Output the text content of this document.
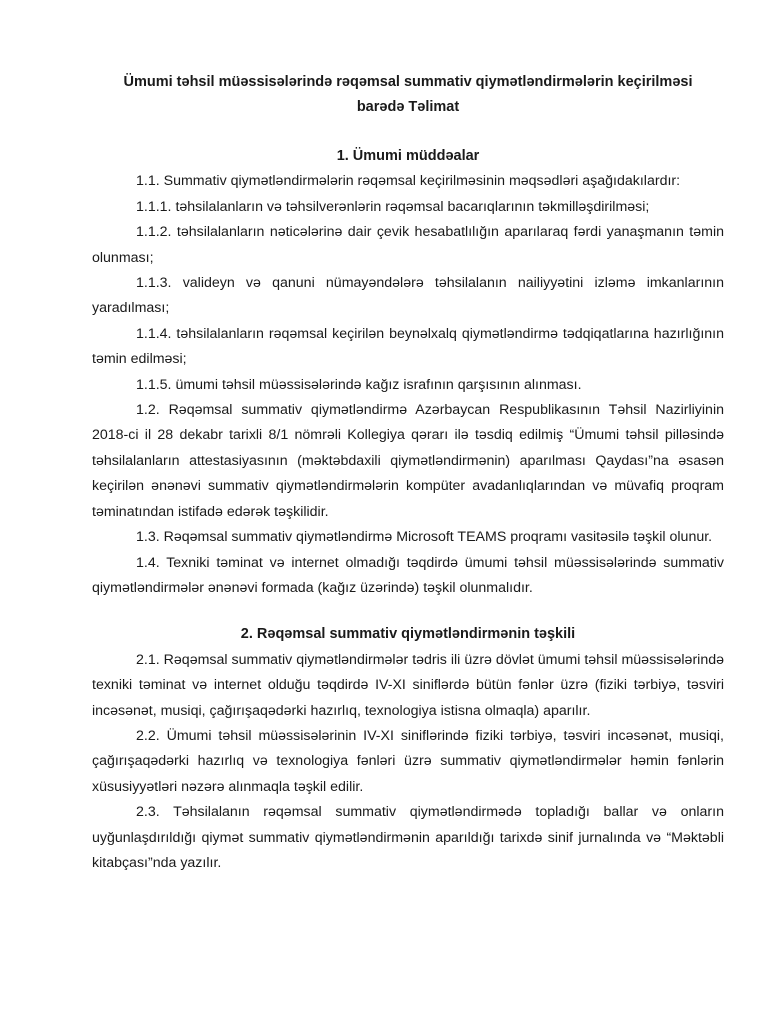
Ümumi təhsil müəssisələrində rəqəmsal summativ qiymətləndirmələrin keçirilməsi
barədə Təlimat

1. Ümumi müddəalar

1.1. Summativ qiymətləndirmələrin rəqəmsal keçirilməsinin məqsədləri aşağıdakılardır:

1.1.1. təhsilalanların və təhsilverənlərin rəqəmsal bacarıqlarının təkmilləşdirilməsi;

1.1.2. təhsilalanların nəticələrinə dair çevik hesabatlılığın aparılaraq fərdi yanaşmanın təmin olunması;

1.1.3. valideyn və qanuni nümayəndələrə təhsilalanın nailiyyətini izləmə imkanlarının yaradılması;

1.1.4. təhsilalanların rəqəmsal keçirilən beynəlxalq qiymətləndirmə tədqiqatlarına hazırlığının təmin edilməsi;

1.1.5. ümumi təhsil müəssisələrində kağız israfının qarşısının alınması.

1.2. Rəqəmsal summativ qiymətləndirmə Azərbaycan Respublikasının Təhsil Nazirliyinin 2018-ci il 28 dekabr tarixli 8/1 nömrəli Kollegiya qərarı ilə təsdiq edilmiş “Ümumi təhsil pilləsində təhsilalanların attestasiyasının (məktəbdaxili qiymətləndirmənin) aparılması Qaydası”na əsasən keçirilən ənənəvi summativ qiymətləndirmələrin kompüter avadanlıqlarından və müvafiq proqram təminatından istifadə edərək təşkilidir.

1.3. Rəqəmsal summativ qiymətləndirmə Microsoft TEAMS proqramı vasitəsilə təşkil olunur.

1.4. Texniki təminat və internet olmadığı təqdirdə ümumi təhsil müəssisələrində summativ qiymətləndirmələr ənənəvi formada (kağız üzərində) təşkil olunmalıdır.

2. Rəqəmsal summativ qiymətləndirmənin təşkili

2.1. Rəqəmsal summativ qiymətləndirmələr tədris ili üzrə dövlət ümumi təhsil müəssisələrində texniki təminat və internet olduğu təqdirdə IV-XI siniflərdə bütün fənlər üzrə (fiziki tərbiyə, təsviri incəsənət, musiqi, çağırışaqədərki hazırlıq, texnologiya istisna olmaqla) aparılır.

2.2. Ümumi təhsil müəssisələrinin IV-XI siniflərində fiziki tərbiyə, təsviri incəsənət, musiqi, çağırışaqədərki hazırlıq və texnologiya fənləri üzrə summativ qiymətləndirmələr həmin fənlərin xüsusiyyətləri nəzərə alınmaqla təşkil edilir.

2.3. Təhsilalanın rəqəmsal summativ qiymətləndirmədə topladığı ballar və onların uyğunlaşdırıldığı qiymət summativ qiymətləndirmənin aparıldığı tarixdə sinif jurnalında və “Məktəbli kitabçası”nda yazılır.
